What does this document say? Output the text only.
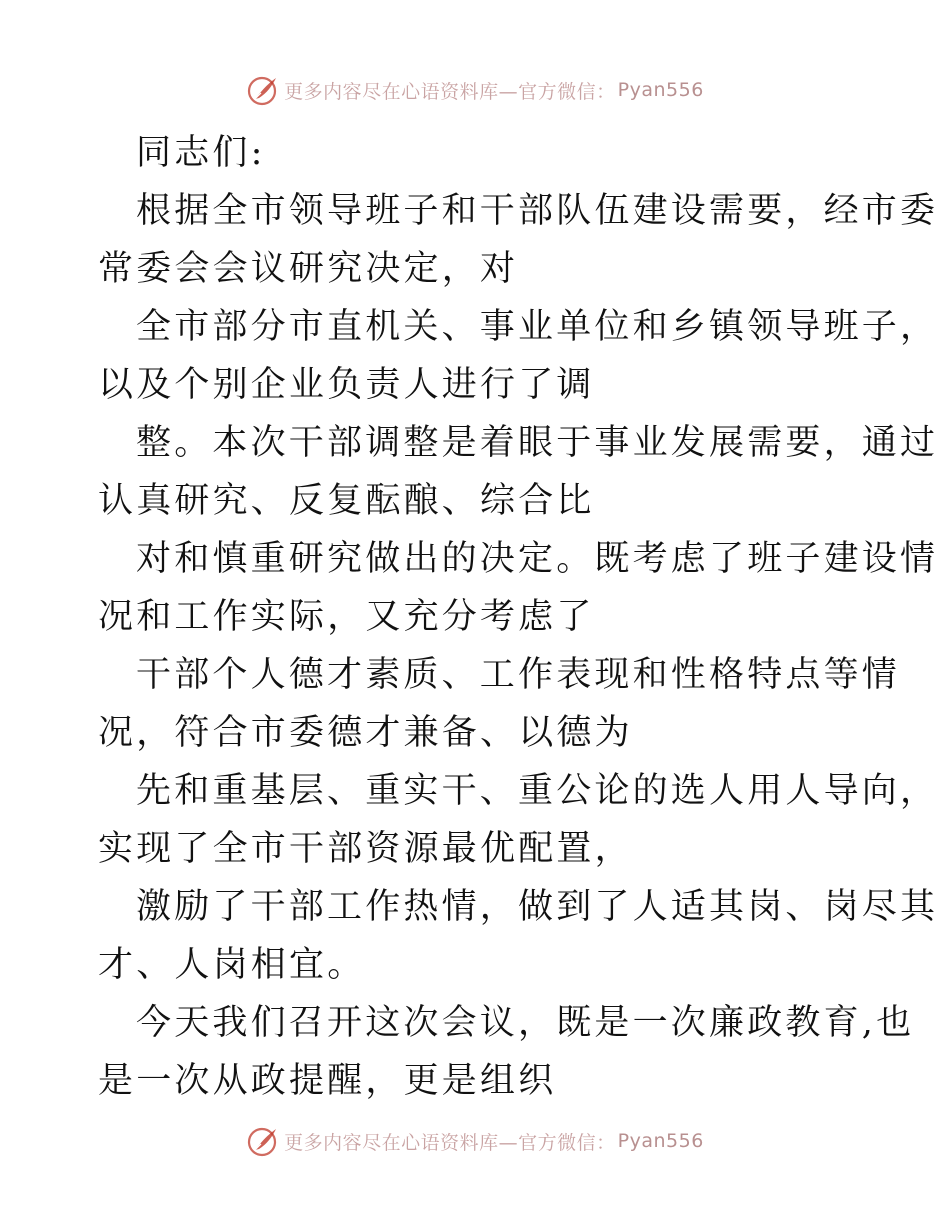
更多内容尽在心语资料库—官方微信： Pyan556
同志们:
根据全市领导班子和干部队伍建设需要，经市委
常委会会议研究决定，对
全市部分市直机关、事业单位和乡镇领导班子，
以及个别企业负责人进行了调
整。本次干部调整是着眼于事业发展需要，通过
认真研究、反复酝酿、综合比
对和慎重研究做出的决定。既考虑了班子建设情
况和工作实际，又充分考虑了
干部个人德才素质、工作表现和性格特点等情
况，符合市委德才兼备、以德为
先和重基层、重实干、重公论的选人用人导向，
实现了全市干部资源最优配置，
激励了干部工作热情，做到了人适其岗、岗尽其
才、人岗相宜。
今天我们召开这次会议，既是一次廉政教育,也
是一次从政提醒，更是组织
更多内容尽在心语资料库—官方微信： Pyan556
